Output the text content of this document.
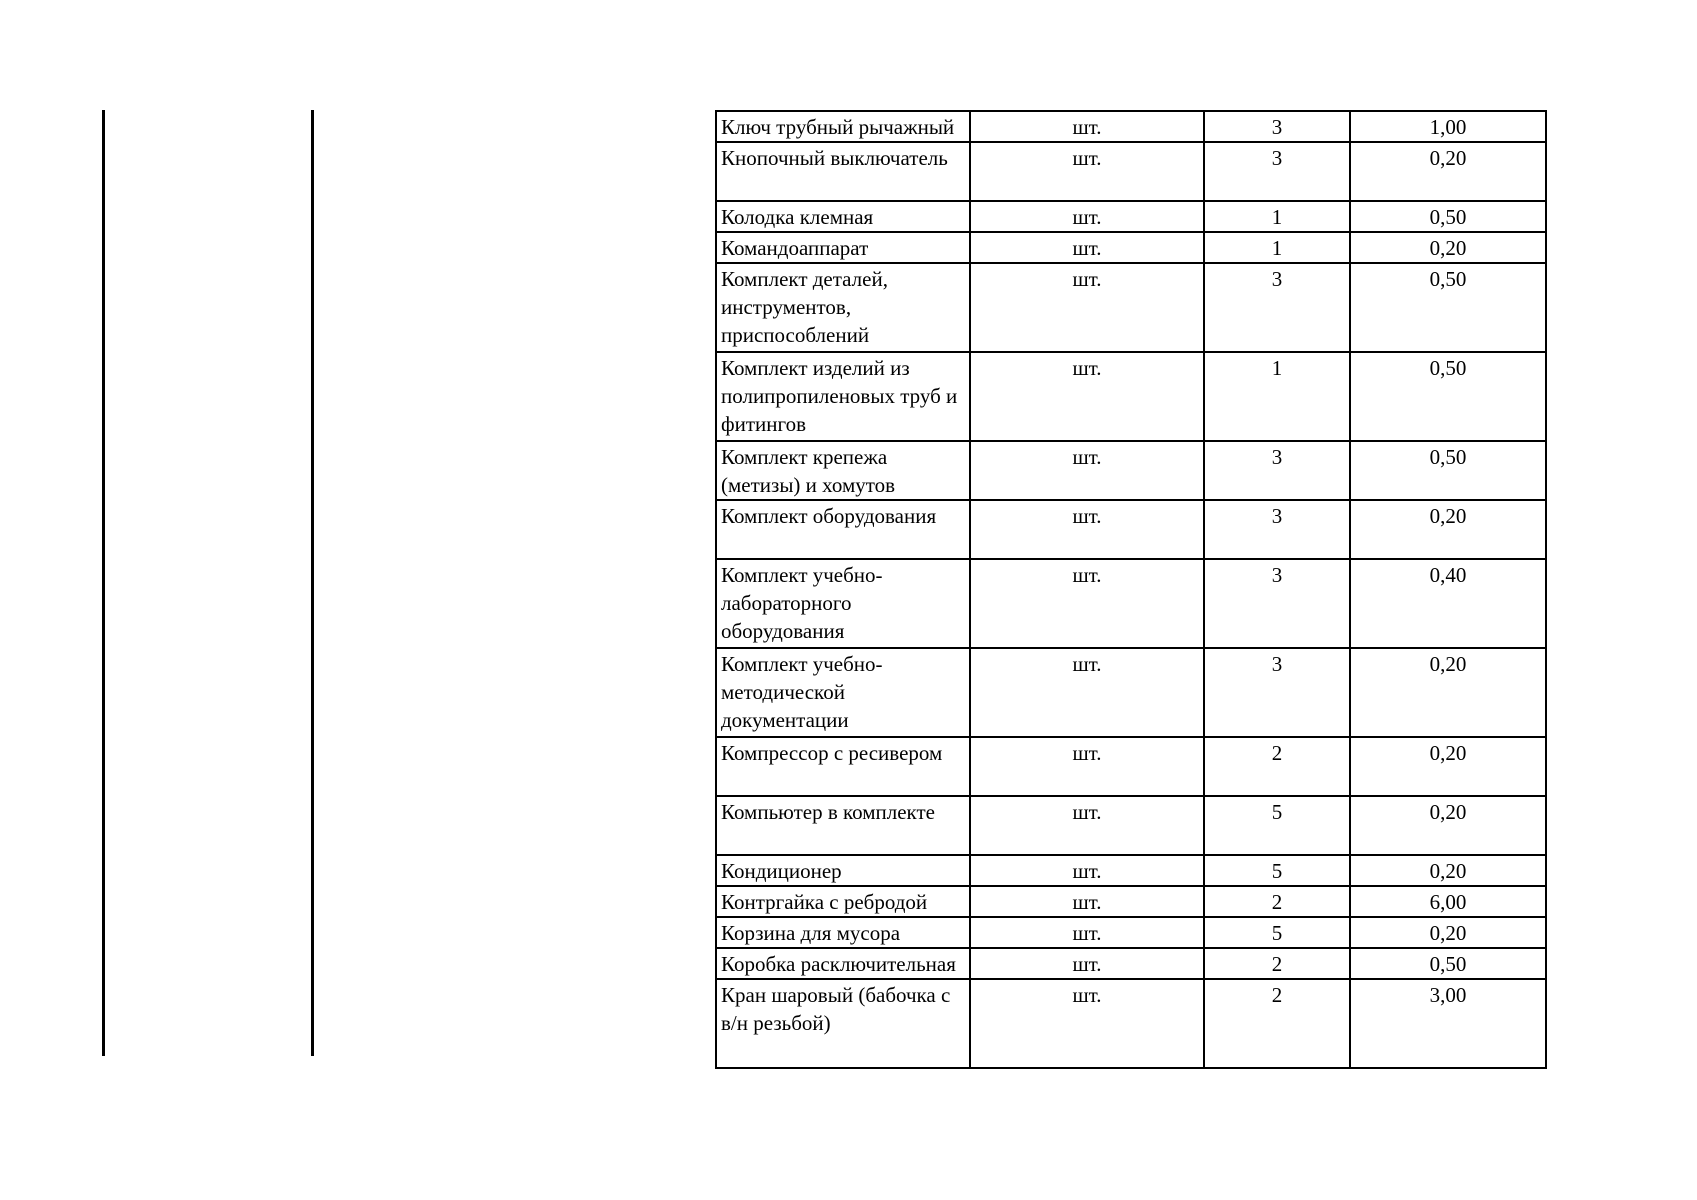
Ключ трубный рычажный	шт.	3	1,00
Кнопочный выключатель	шт.	3	0,20
Колодка клемная	шт.	1	0,50
Командоаппарат	шт.	1	0,20
Комплект деталей, инструментов, приспособлений	шт.	3	0,50
Комплект изделий из полипропиленовых труб и фитингов	шт.	1	0,50
Комплект крепежа (метизы) и хомутов	шт.	3	0,50
Комплект оборудования	шт.	3	0,20
Комплект учебно-лабораторного оборудования	шт.	3	0,40
Комплект учебно-методической документации	шт.	3	0,20
Компрессор с ресивером	шт.	2	0,20
Компьютер в комплекте	шт.	5	0,20
Кондиционер	шт.	5	0,20
Контргайка с ребродой	шт.	2	6,00
Корзина для мусора	шт.	5	0,20
Коробка расключительная	шт.	2	0,50
Кран шаровый (бабочка с в/н резьбой)	шт.	2	3,00
